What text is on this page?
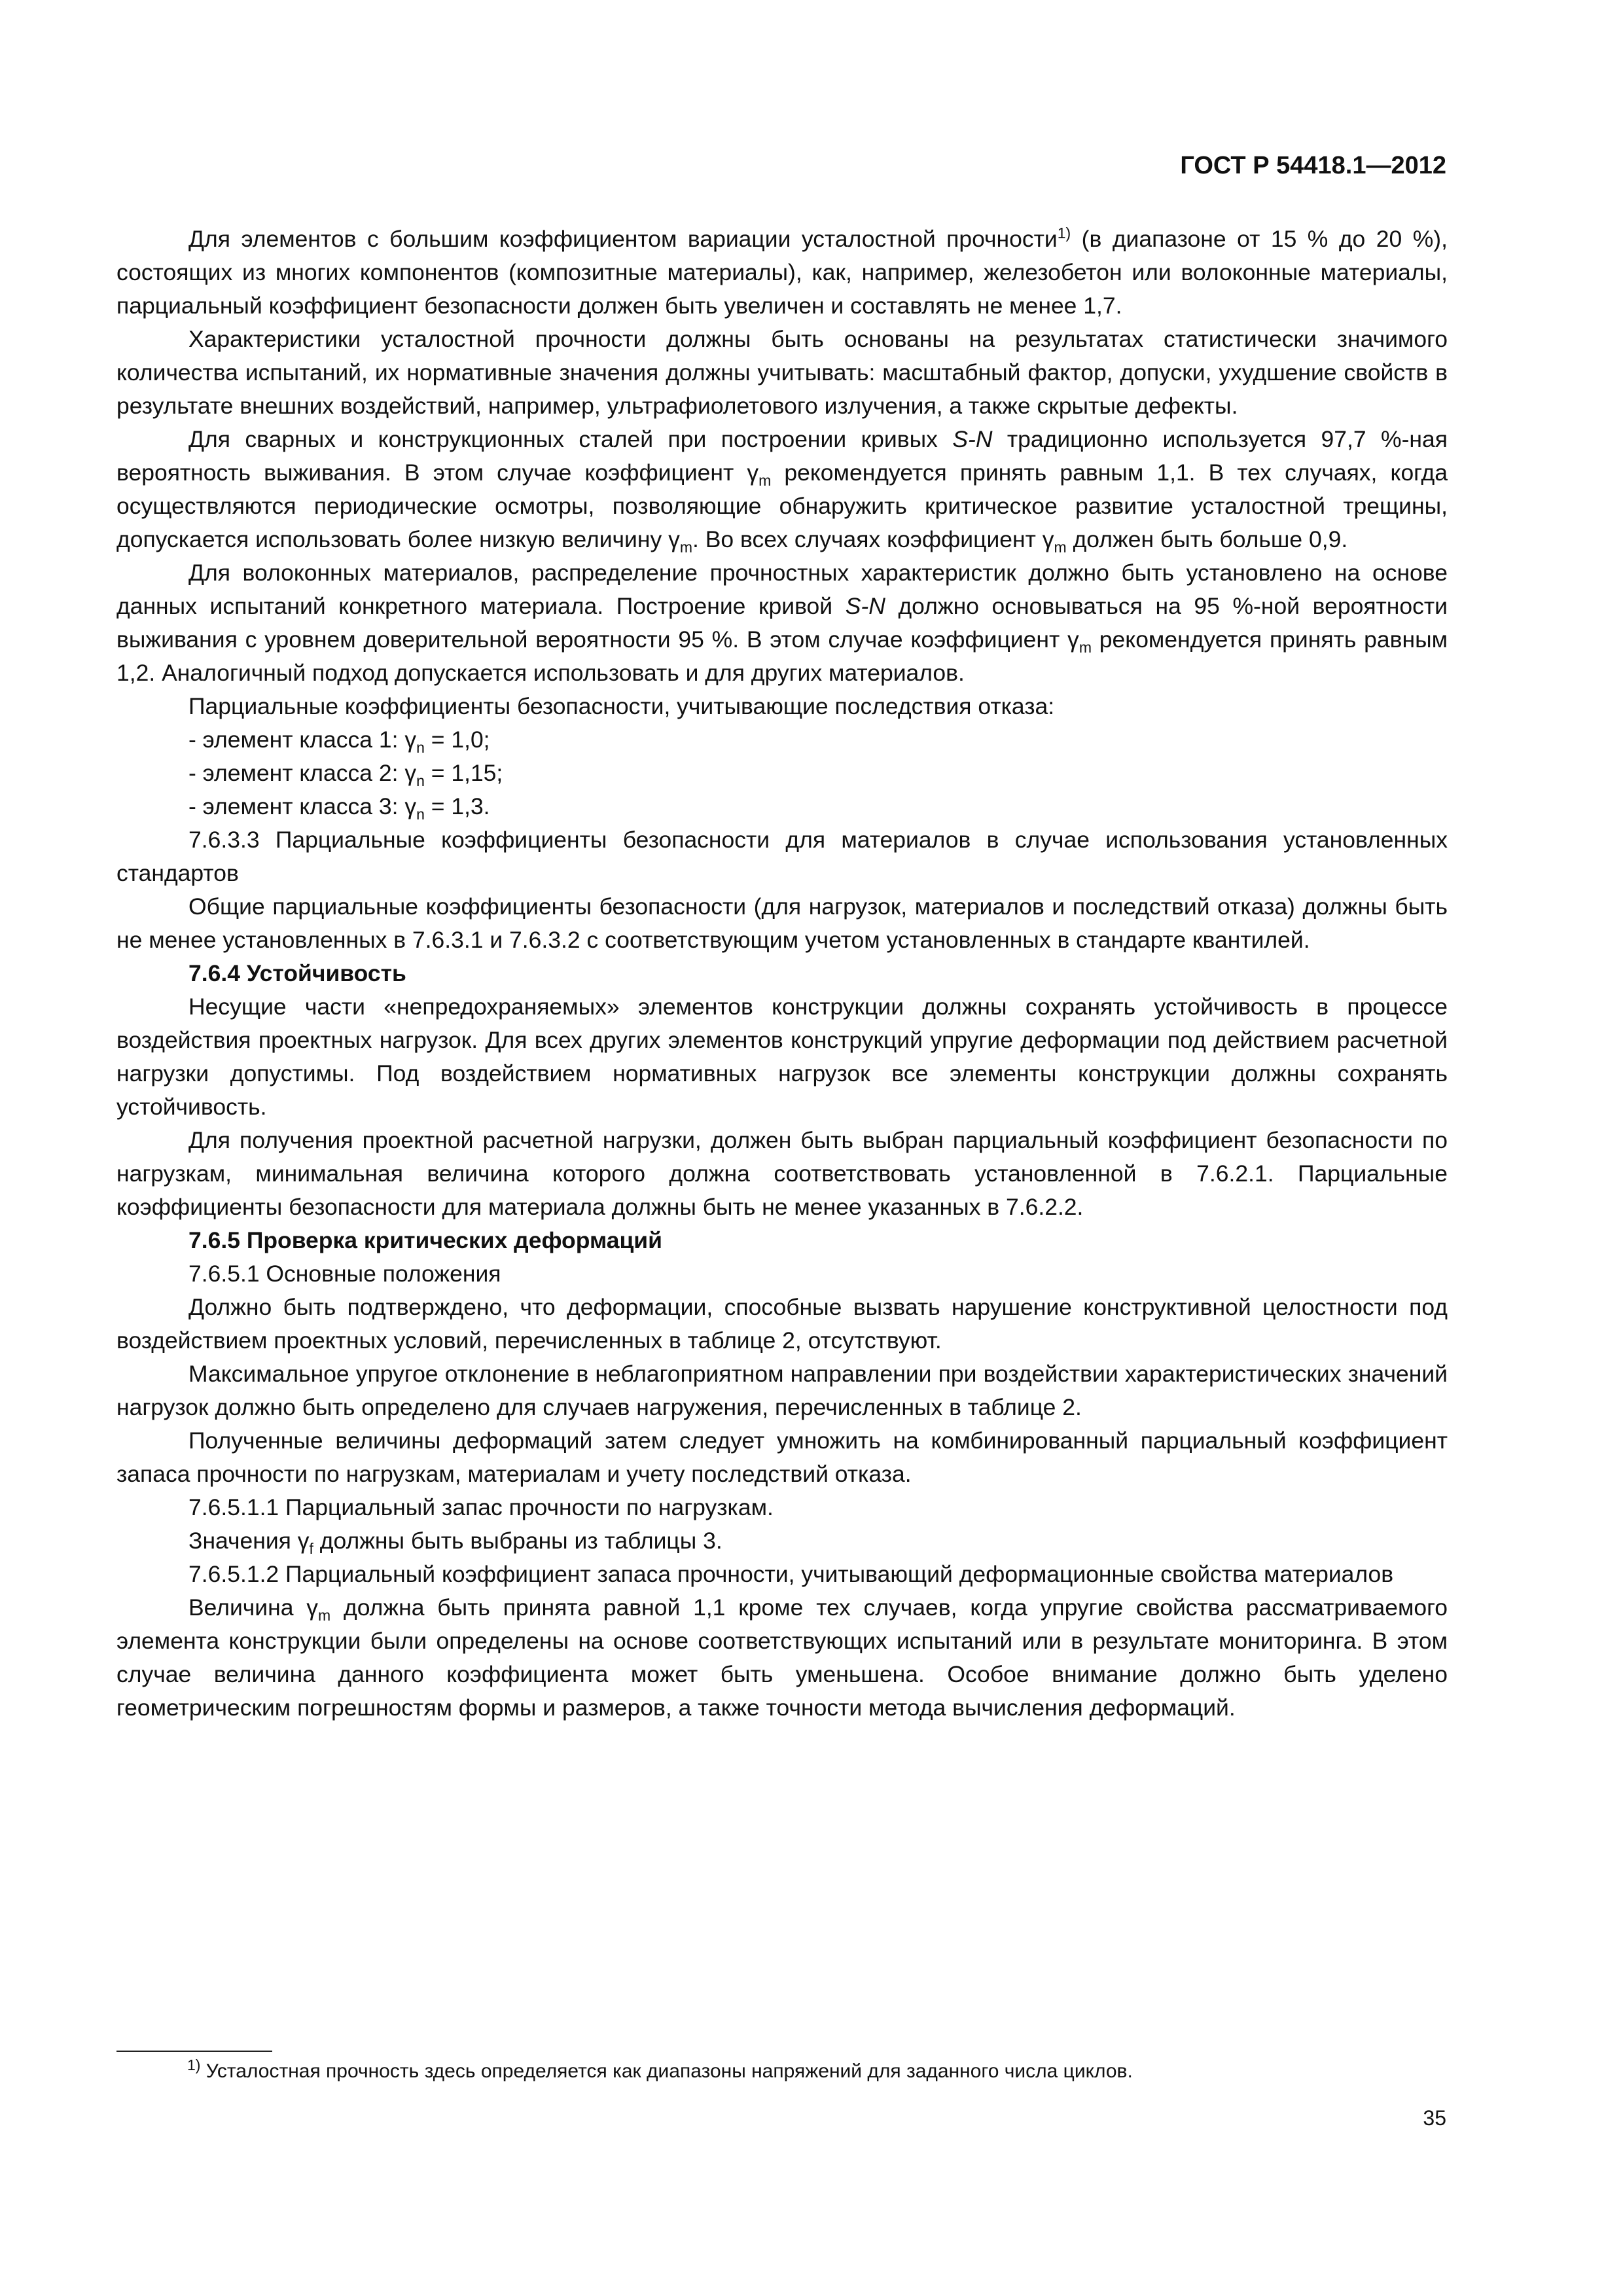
ГОСТ Р 54418.1—2012

Для элементов с большим коэффициентом вариации усталостной прочности$^{1)}$ (в диапазоне от 15 % до 20 %), состоящих из многих компонентов (композитные материалы), как, например, железобетон или волоконные материалы, парциальный коэффициент безопасности должен быть увеличен и составлять не менее 1,7.

Характеристики усталостной прочности должны быть основаны на результатах статистически значимого количества испытаний, их нормативные значения должны учитывать: масштабный фактор, допуски, ухудшение свойств в результате внешних воздействий, например, ультрафиолетового излучения, а также скрытые дефекты.

Для сварных и конструкционных сталей при построении кривых S-N традиционно используется 97,7 %-ная вероятность выживания. В этом случае коэффициент $\gamma_m$ рекомендуется принять равным 1,1. В тех случаях, когда осуществляются периодические осмотры, позволяющие обнаружить критическое развитие усталостной трещины, допускается использовать более низкую величину $\gamma_m$. Во всех случаях коэффициент $\gamma_m$ должен быть больше 0,9.

Для волоконных материалов, распределение прочностных характеристик должно быть установлено на основе данных испытаний конкретного материала. Построение кривой S-N должно основываться на 95 %-ной вероятности выживания с уровнем доверительной вероятности 95 %. В этом случае коэффициент $\gamma_m$ рекомендуется принять равным 1,2. Аналогичный подход допускается использовать и для других материалов.

Парциальные коэффициенты безопасности, учитывающие последствия отказа:

- элемент класса 1: $\gamma_n = 1,0$;

- элемент класса 2: $\gamma_n = 1,15$;

- элемент класса 3: $\gamma_n = 1,3$.

7.6.3.3 Парциальные коэффициенты безопасности для материалов в случае использования установленных стандартов

Общие парциальные коэффициенты безопасности (для нагрузок, материалов и последствий отказа) должны быть не менее установленных в 7.6.3.1 и 7.6.3.2 с соответствующим учетом установленных в стандарте квантилей.

7.6.4 Устойчивость

Несущие части «непредохраняемых» элементов конструкции должны сохранять устойчивость в процессе воздействия проектных нагрузок. Для всех других элементов конструкций упругие деформации под действием расчетной нагрузки допустимы. Под воздействием нормативных нагрузок все элементы конструкции должны сохранять устойчивость.

Для получения проектной расчетной нагрузки, должен быть выбран парциальный коэффициент безопасности по нагрузкам, минимальная величина которого должна соответствовать установленной в 7.6.2.1. Парциальные коэффициенты безопасности для материала должны быть не менее указанных в 7.6.2.2.

7.6.5 Проверка критических деформаций

7.6.5.1 Основные положения

Должно быть подтверждено, что деформации, способные вызвать нарушение конструктивной целостности под воздействием проектных условий, перечисленных в таблице 2, отсутствуют.

Максимальное упругое отклонение в неблагоприятном направлении при воздействии характеристических значений нагрузок должно быть определено для случаев нагружения, перечисленных в таблице 2.

Полученные величины деформаций затем следует умножить на комбинированный парциальный коэффициент запаса прочности по нагрузкам, материалам и учету последствий отказа.

7.6.5.1.1 Парциальный запас прочности по нагрузкам.

Значения $\gamma_f$ должны быть выбраны из таблицы 3.

7.6.5.1.2 Парциальный коэффициент запаса прочности, учитывающий деформационные свойства материалов

Величина $\gamma_m$ должна быть принята равной 1,1 кроме тех случаев, когда упругие свойства рассматриваемого элемента конструкции были определены на основе соответствующих испытаний или в результате мониторинга. В этом случае величина данного коэффициента может быть уменьшена. Особое внимание должно быть уделено геометрическим погрешностям формы и размеров, а также точности метода вычисления деформаций.

$^{1)}$ Усталостная прочность здесь определяется как диапазоны напряжений для заданного числа циклов.
35
